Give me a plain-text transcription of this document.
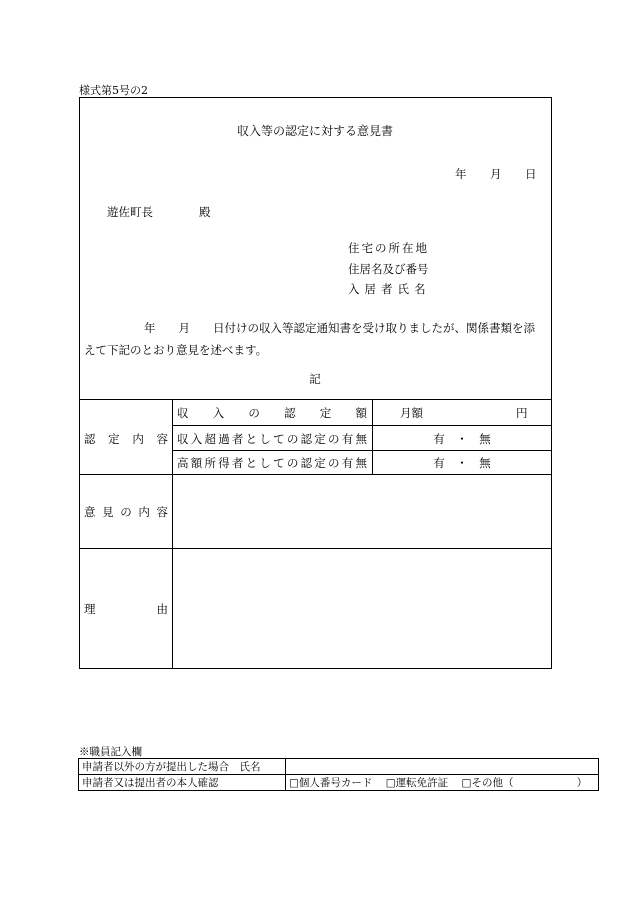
様式第5号の2
収入等の認定に対する意見書
年 月 日
遊佐町長	殿
住宅の所在地
住居名及び番号
入居者氏名
年　　月　　日付けの収入等認定通知書を受け取りましたが、関係書類を添
えて下記のとおり意見を述べます。
記
認定内容
収入の認定額	月額	円
収入超過者としての認定の有無	有　・　無
高額所得者としての認定の有無	有　・　無
意見の内容
理由
※職員記入欄
申請者以外の方が提出した場合　氏名	
申請者又は提出者の本人確認	□個人番号カード □運転免許証 □その他（ ）
